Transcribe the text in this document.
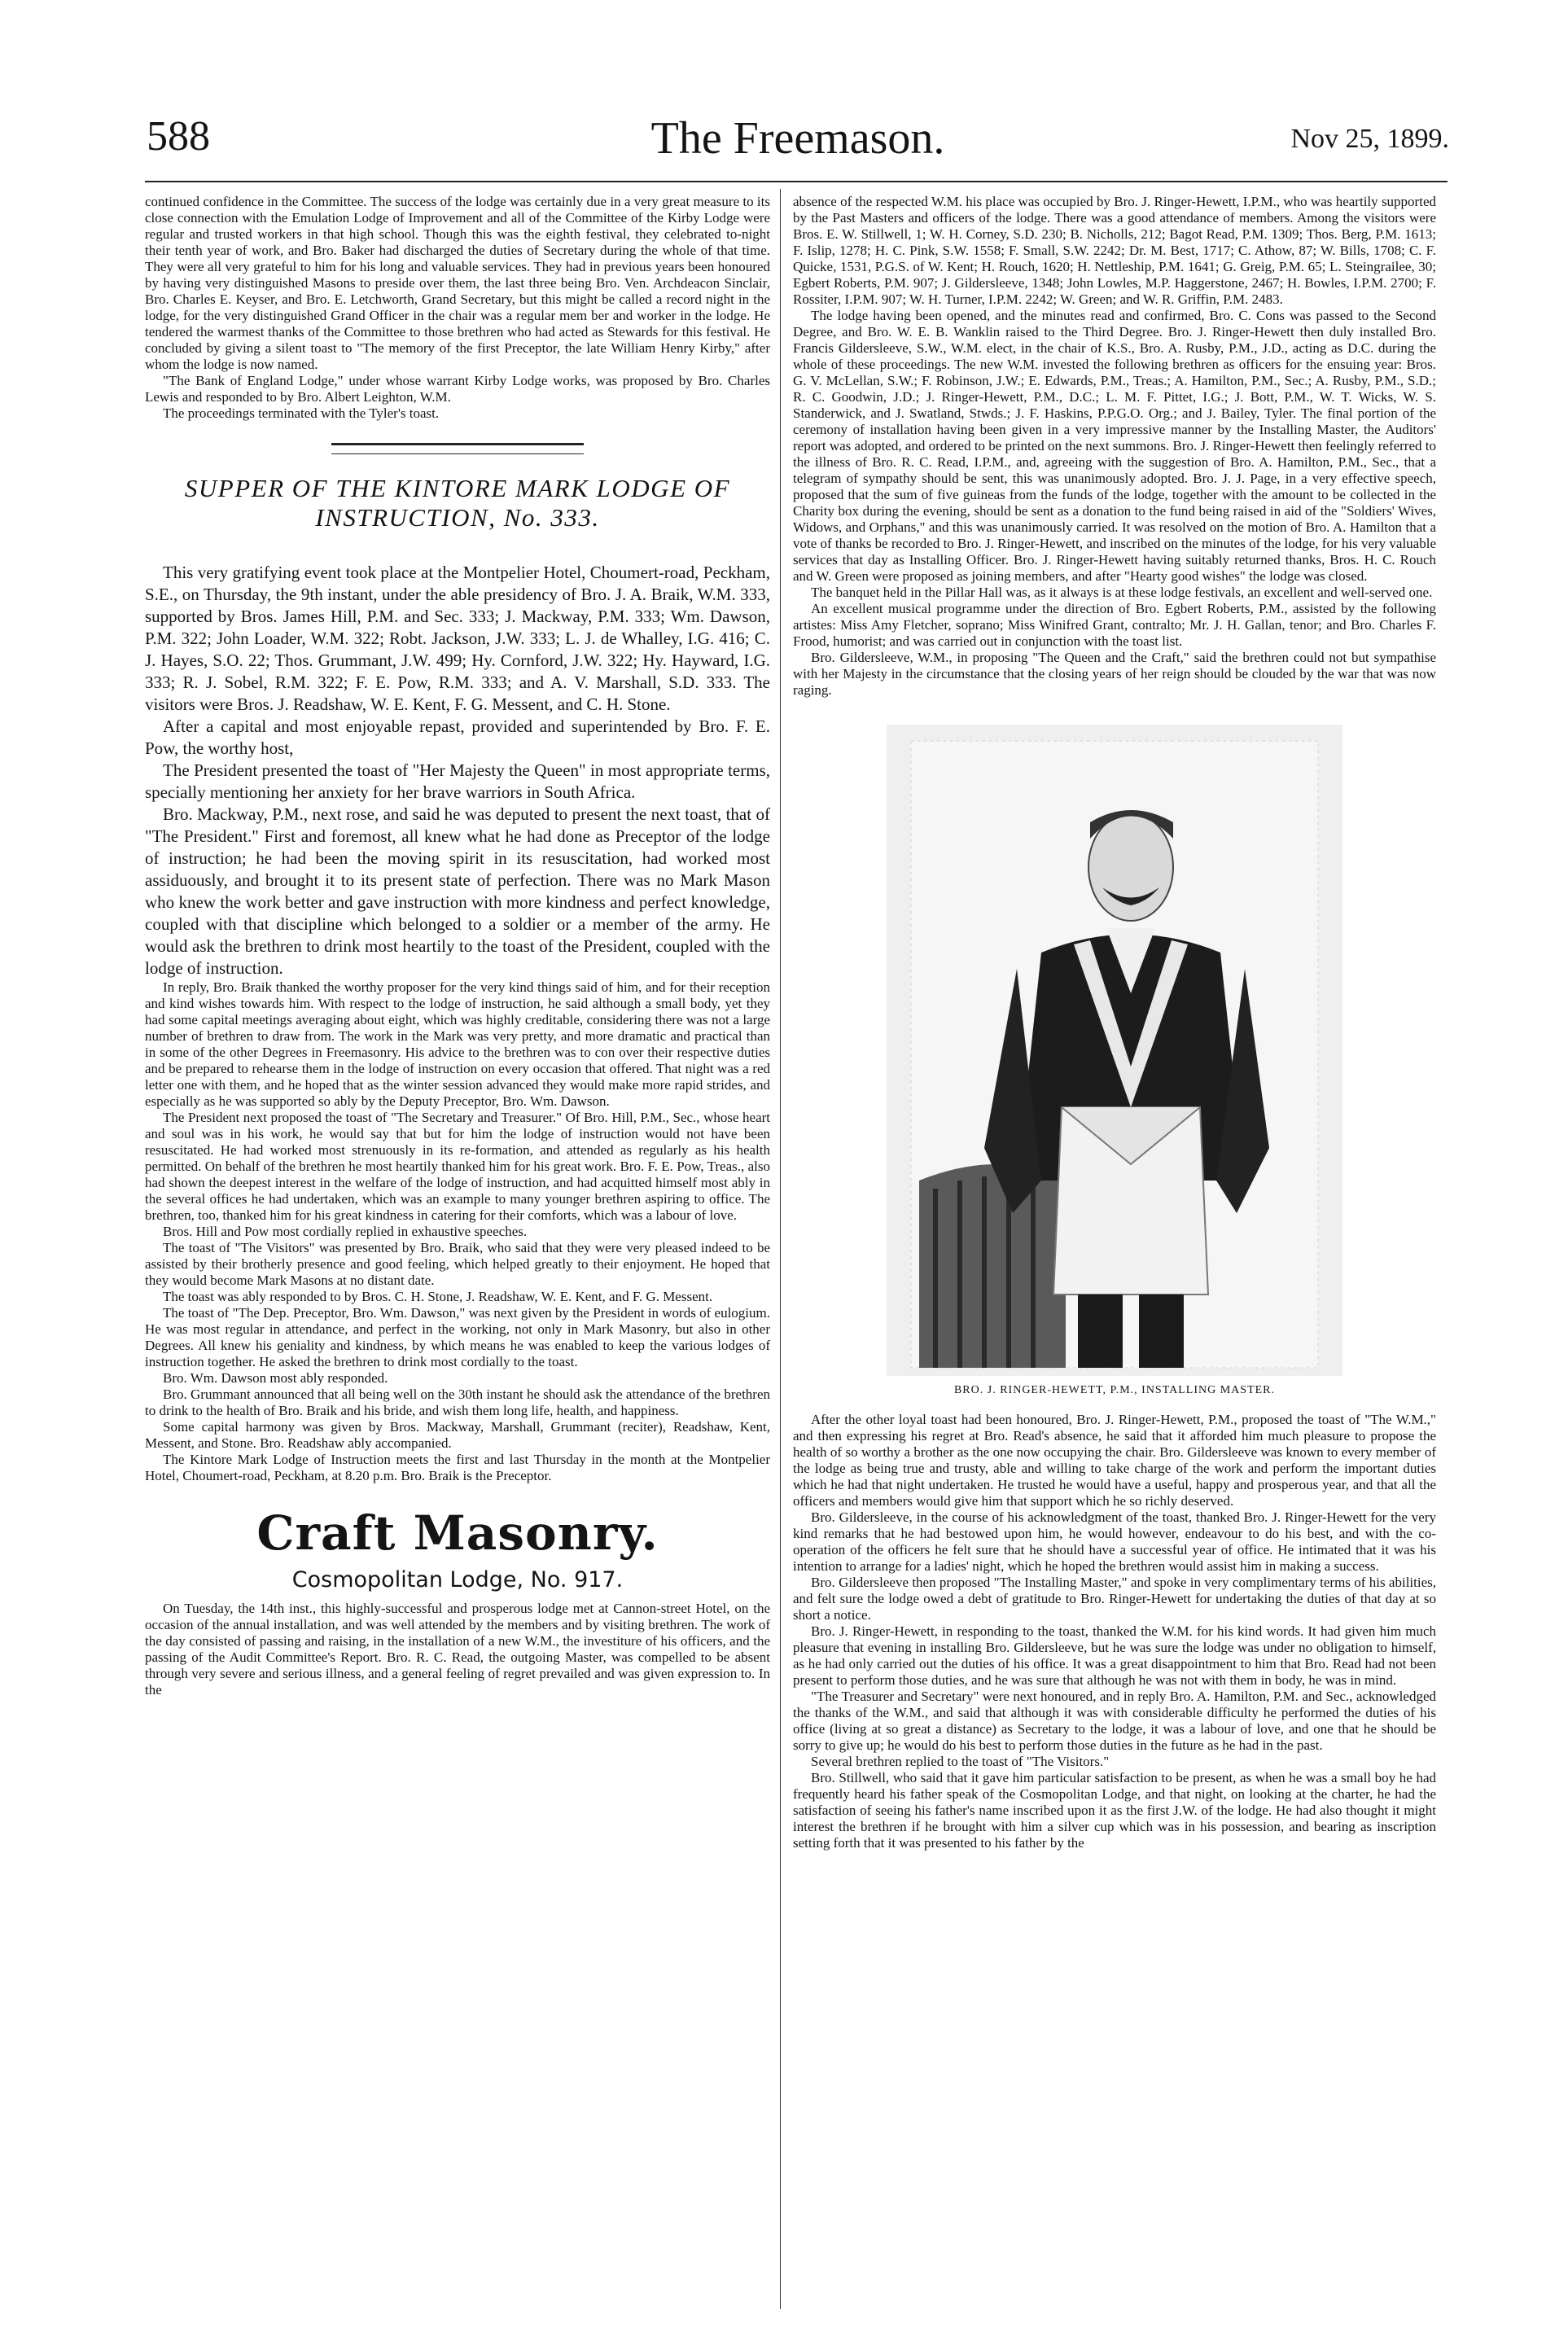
588	The Freemason.	Nov 25, 1899.

continued confidence in the Committee. The success of the lodge was certainly due in a very great measure to its close connection with the Emulation Lodge of Improvement and all of the Committee of the Kirby Lodge were regular and trusted workers in that high school. Though this was the eighth festival, they celebrated to-night their tenth year of work, and Bro. Baker had discharged the duties of Secretary during the whole of that time. They were all very grateful to him for his long and valuable services. They had in previous years been honoured by having very distinguished Masons to preside over them, the last three being Bro. Ven. Archdeacon Sinclair, Bro. Charles E. Keyser, and Bro. E. Letchworth, Grand Secretary, but this might be called a record night in the lodge, for the very distinguished Grand Officer in the chair was a regular mem ber and worker in the lodge. He tendered the warmest thanks of the Committee to those brethren who had acted as Stewards for this festival. He concluded by giving a silent toast to "The memory of the first Preceptor, the late William Henry Kirby," after whom the lodge is now named.

"The Bank of England Lodge," under whose warrant Kirby Lodge works, was proposed by Bro. Charles Lewis and responded to by Bro. Albert Leighton, W.M.

The proceedings terminated with the Tyler's toast.

SUPPER OF THE KINTORE MARK LODGE OF INSTRUCTION, No. 333.

This very gratifying event took place at the Montpelier Hotel, Choumert-road, Peckham, S.E., on Thursday, the 9th instant, under the able presidency of Bro. J. A. Braik, W.M. 333, supported by Bros. James Hill, P.M. and Sec. 333; J. Mackway, P.M. 333; Wm. Dawson, P.M. 322; John Loader, W.M. 322; Robt. Jackson, J.W. 333; L. J. de Whalley, I.G. 416; C. J. Hayes, S.O. 22; Thos. Grummant, J.W. 499; Hy. Cornford, J.W. 322; Hy. Hayward, I.G. 333; R. J. Sobel, R.M. 322; F. E. Pow, R.M. 333; and A. V. Marshall, S.D. 333. The visitors were Bros. J. Readshaw, W. E. Kent, F. G. Messent, and C. H. Stone.

After a capital and most enjoyable repast, provided and superintended by Bro. F. E. Pow, the worthy host,

The President presented the toast of "Her Majesty the Queen" in most appropriate terms, specially mentioning her anxiety for her brave warriors in South Africa.

Bro. Mackway, P.M., next rose, and said he was deputed to present the next toast, that of "The President." First and foremost, all knew what he had done as Preceptor of the lodge of instruction; he had been the moving spirit in its resuscitation, had worked most assiduously, and brought it to its present state of perfection. There was no Mark Mason who knew the work better and gave instruction with more kindness and perfect knowledge, coupled with that discipline which belonged to a soldier or a member of the army. He would ask the brethren to drink most heartily to the toast of the President, coupled with the lodge of instruction.

In reply, Bro. Braik thanked the worthy proposer for the very kind things said of him, and for their reception and kind wishes towards him. With respect to the lodge of instruction, he said although a small body, yet they had some capital meetings averaging about eight, which was highly creditable, considering there was not a large number of brethren to draw from. The work in the Mark was very pretty, and more dramatic and practical than in some of the other Degrees in Freemasonry. His advice to the brethren was to con over their respective duties and be prepared to rehearse them in the lodge of instruction on every occasion that offered. That night was a red letter one with them, and he hoped that as the winter session advanced they would make more rapid strides, and especially as he was supported so ably by the Deputy Preceptor, Bro. Wm. Dawson.

The President next proposed the toast of "The Secretary and Treasurer." Of Bro. Hill, P.M., Sec., whose heart and soul was in his work, he would say that but for him the lodge of instruction would not have been resuscitated. He had worked most strenuously in its re-formation, and attended as regularly as his health permitted. On behalf of the brethren he most heartily thanked him for his great work. Bro. F. E. Pow, Treas., also had shown the deepest interest in the welfare of the lodge of instruction, and had acquitted himself most ably in the several offices he had undertaken, which was an example to many younger brethren aspiring to office. The brethren, too, thanked him for his great kindness in catering for their comforts, which was a labour of love.

Bros. Hill and Pow most cordially replied in exhaustive speeches.

The toast of "The Visitors" was presented by Bro. Braik, who said that they were very pleased indeed to be assisted by their brotherly presence and good feeling, which helped greatly to their enjoyment. He hoped that they would become Mark Masons at no distant date.

The toast was ably responded to by Bros. C. H. Stone, J. Readshaw, W. E. Kent, and F. G. Messent.

The toast of "The Dep. Preceptor, Bro. Wm. Dawson," was next given by the President in words of eulogium. He was most regular in attendance, and perfect in the working, not only in Mark Masonry, but also in other Degrees. All knew his geniality and kindness, by which means he was enabled to keep the various lodges of instruction together. He asked the brethren to drink most cordially to the toast.

Bro. Wm. Dawson most ably responded.

Bro. Grummant announced that all being well on the 30th instant he should ask the attendance of the brethren to drink to the health of Bro. Braik and his bride, and wish them long life, health, and happiness.

Some capital harmony was given by Bros. Mackway, Marshall, Grummant (reciter), Readshaw, Kent, Messent, and Stone. Bro. Readshaw ably accompanied.

The Kintore Mark Lodge of Instruction meets the first and last Thursday in the month at the Montpelier Hotel, Choumert-road, Peckham, at 8.20 p.m. Bro. Braik is the Preceptor.

Craft Masonry.
Cosmopolitan Lodge, No. 917.

On Tuesday, the 14th inst., this highly-successful and prosperous lodge met at Cannon-street Hotel, on the occasion of the annual installation, and was well attended by the members and by visiting brethren. The work of the day consisted of passing and raising, in the installation of a new W.M., the investiture of his officers, and the passing of the Audit Committee's Report. Bro. R. C. Read, the outgoing Master, was compelled to be absent through very severe and serious illness, and a general feeling of regret prevailed and was given expression to. In the

absence of the respected W.M. his place was occupied by Bro. J. Ringer-Hewett, I.P.M., who was heartily supported by the Past Masters and officers of the lodge. There was a good attendance of members. Among the visitors were Bros. E. W. Stillwell, 1; W. H. Corney, S.D. 230; B. Nicholls, 212; Bagot Read, P.M. 1309; Thos. Berg, P.M. 1613; F. Islip, 1278; H. C. Pink, S.W. 1558; F. Small, S.W. 2242; Dr. M. Best, 1717; C. Athow, 87; W. Bills, 1708; C. F. Quicke, 1531, P.G.S. of W. Kent; H. Rouch, 1620; H. Nettleship, P.M. 1641; G. Greig, P.M. 65; L. Steingrailee, 30; Egbert Roberts, P.M. 907; J. Gildersleeve, 1348; John Lowles, M.P. Haggerstone, 2467; H. Bowles, I.P.M. 2700; F. Rossiter, I.P.M. 907; W. H. Turner, I.P.M. 2242; W. Green; and W. R. Griffin, P.M. 2483.

The lodge having been opened, and the minutes read and confirmed, Bro. C. Cons was passed to the Second Degree, and Bro. W. E. B. Wanklin raised to the Third Degree. Bro. J. Ringer-Hewett then duly installed Bro. Francis Gildersleeve, S.W., W.M. elect, in the chair of K.S., Bro. A. Rusby, P.M., J.D., acting as D.C. during the whole of these proceedings. The new W.M. invested the following brethren as officers for the ensuing year: Bros. G. V. McLellan, S.W.; F. Robinson, J.W.; E. Edwards, P.M., Treas.; A. Hamilton, P.M., Sec.; A. Rusby, P.M., S.D.; R. C. Goodwin, J.D.; J. Ringer-Hewett, P.M., D.C.; L. M. F. Pittet, I.G.; J. Bott, P.M., W. T. Wicks, W. S. Standerwick, and J. Swatland, Stwds.; J. F. Haskins, P.P.G.O. Org.; and J. Bailey, Tyler. The final portion of the ceremony of installation having been given in a very impressive manner by the Installing Master, the Auditors' report was adopted, and ordered to be printed on the next summons. Bro. J. Ringer-Hewett then feelingly referred to the illness of Bro. R. C. Read, I.P.M., and, agreeing with the suggestion of Bro. A. Hamilton, P.M., Sec., that a telegram of sympathy should be sent, this was unanimously adopted. Bro. J. J. Page, in a very effective speech, proposed that the sum of five guineas from the funds of the lodge, together with the amount to be collected in the Charity box during the evening, should be sent as a donation to the fund being raised in aid of the "Soldiers' Wives, Widows, and Orphans," and this was unanimously carried. It was resolved on the motion of Bro. A. Hamilton that a vote of thanks be recorded to Bro. J. Ringer-Hewett, and inscribed on the minutes of the lodge, for his very valuable services that day as Installing Officer. Bro. J. Ringer-Hewett having suitably returned thanks, Bros. H. C. Rouch and W. Green were proposed as joining members, and after "Hearty good wishes" the lodge was closed.

The banquet held in the Pillar Hall was, as it always is at these lodge festivals, an excellent and well-served one.

An excellent musical programme under the direction of Bro. Egbert Roberts, P.M., assisted by the following artistes: Miss Amy Fletcher, soprano; Miss Winifred Grant, contralto; Mr. J. H. Gallan, tenor; and Bro. Charles F. Frood, humorist; and was carried out in conjunction with the toast list.

Bro. Gildersleeve, W.M., in proposing "The Queen and the Craft," said the brethren could not but sympathise with her Majesty in the circumstance that the closing years of her reign should be clouded by the war that was now raging.

BRO. J. RINGER-HEWETT, P.M., INSTALLING MASTER.

After the other loyal toast had been honoured, Bro. J. Ringer-Hewett, P.M., proposed the toast of "The W.M.," and then expressing his regret at Bro. Read's absence, he said that it afforded him much pleasure to propose the health of so worthy a brother as the one now occupying the chair. Bro. Gildersleeve was known to every member of the lodge as being true and trusty, able and willing to take charge of the work and perform the important duties which he had that night undertaken. He trusted he would have a useful, happy and prosperous year, and that all the officers and members would give him that support which he so richly deserved.

Bro. Gildersleeve, in the course of his acknowledgment of the toast, thanked Bro. J. Ringer-Hewett for the very kind remarks that he had bestowed upon him, he would however, endeavour to do his best, and with the co-operation of the officers he felt sure that he should have a successful year of office. He intimated that it was his intention to arrange for a ladies' night, which he hoped the brethren would assist him in making a success.

Bro. Gildersleeve then proposed "The Installing Master," and spoke in very complimentary terms of his abilities, and felt sure the lodge owed a debt of gratitude to Bro. Ringer-Hewett for undertaking the duties of that day at so short a notice.

Bro. J. Ringer-Hewett, in responding to the toast, thanked the W.M. for his kind words. It had given him much pleasure that evening in installing Bro. Gildersleeve, but he was sure the lodge was under no obligation to himself, as he had only carried out the duties of his office. It was a great disappointment to him that Bro. Read had not been present to perform those duties, and he was sure that although he was not with them in body, he was in mind.

"The Treasurer and Secretary" were next honoured, and in reply Bro. A. Hamilton, P.M. and Sec., acknowledged the thanks of the W.M., and said that although it was with considerable difficulty he performed the duties of his office (living at so great a distance) as Secretary to the lodge, it was a labour of love, and one that he should be sorry to give up; he would do his best to perform those duties in the future as he had in the past.

Several brethren replied to the toast of "The Visitors."

Bro. Stillwell, who said that it gave him particular satisfaction to be present, as when he was a small boy he had frequently heard his father speak of the Cosmopolitan Lodge, and that night, on looking at the charter, he had the satisfaction of seeing his father's name inscribed upon it as the first J.W. of the lodge. He had also thought it might interest the brethren if he brought with him a silver cup which was in his possession, and bearing as inscription setting forth that it was presented to his father by the
